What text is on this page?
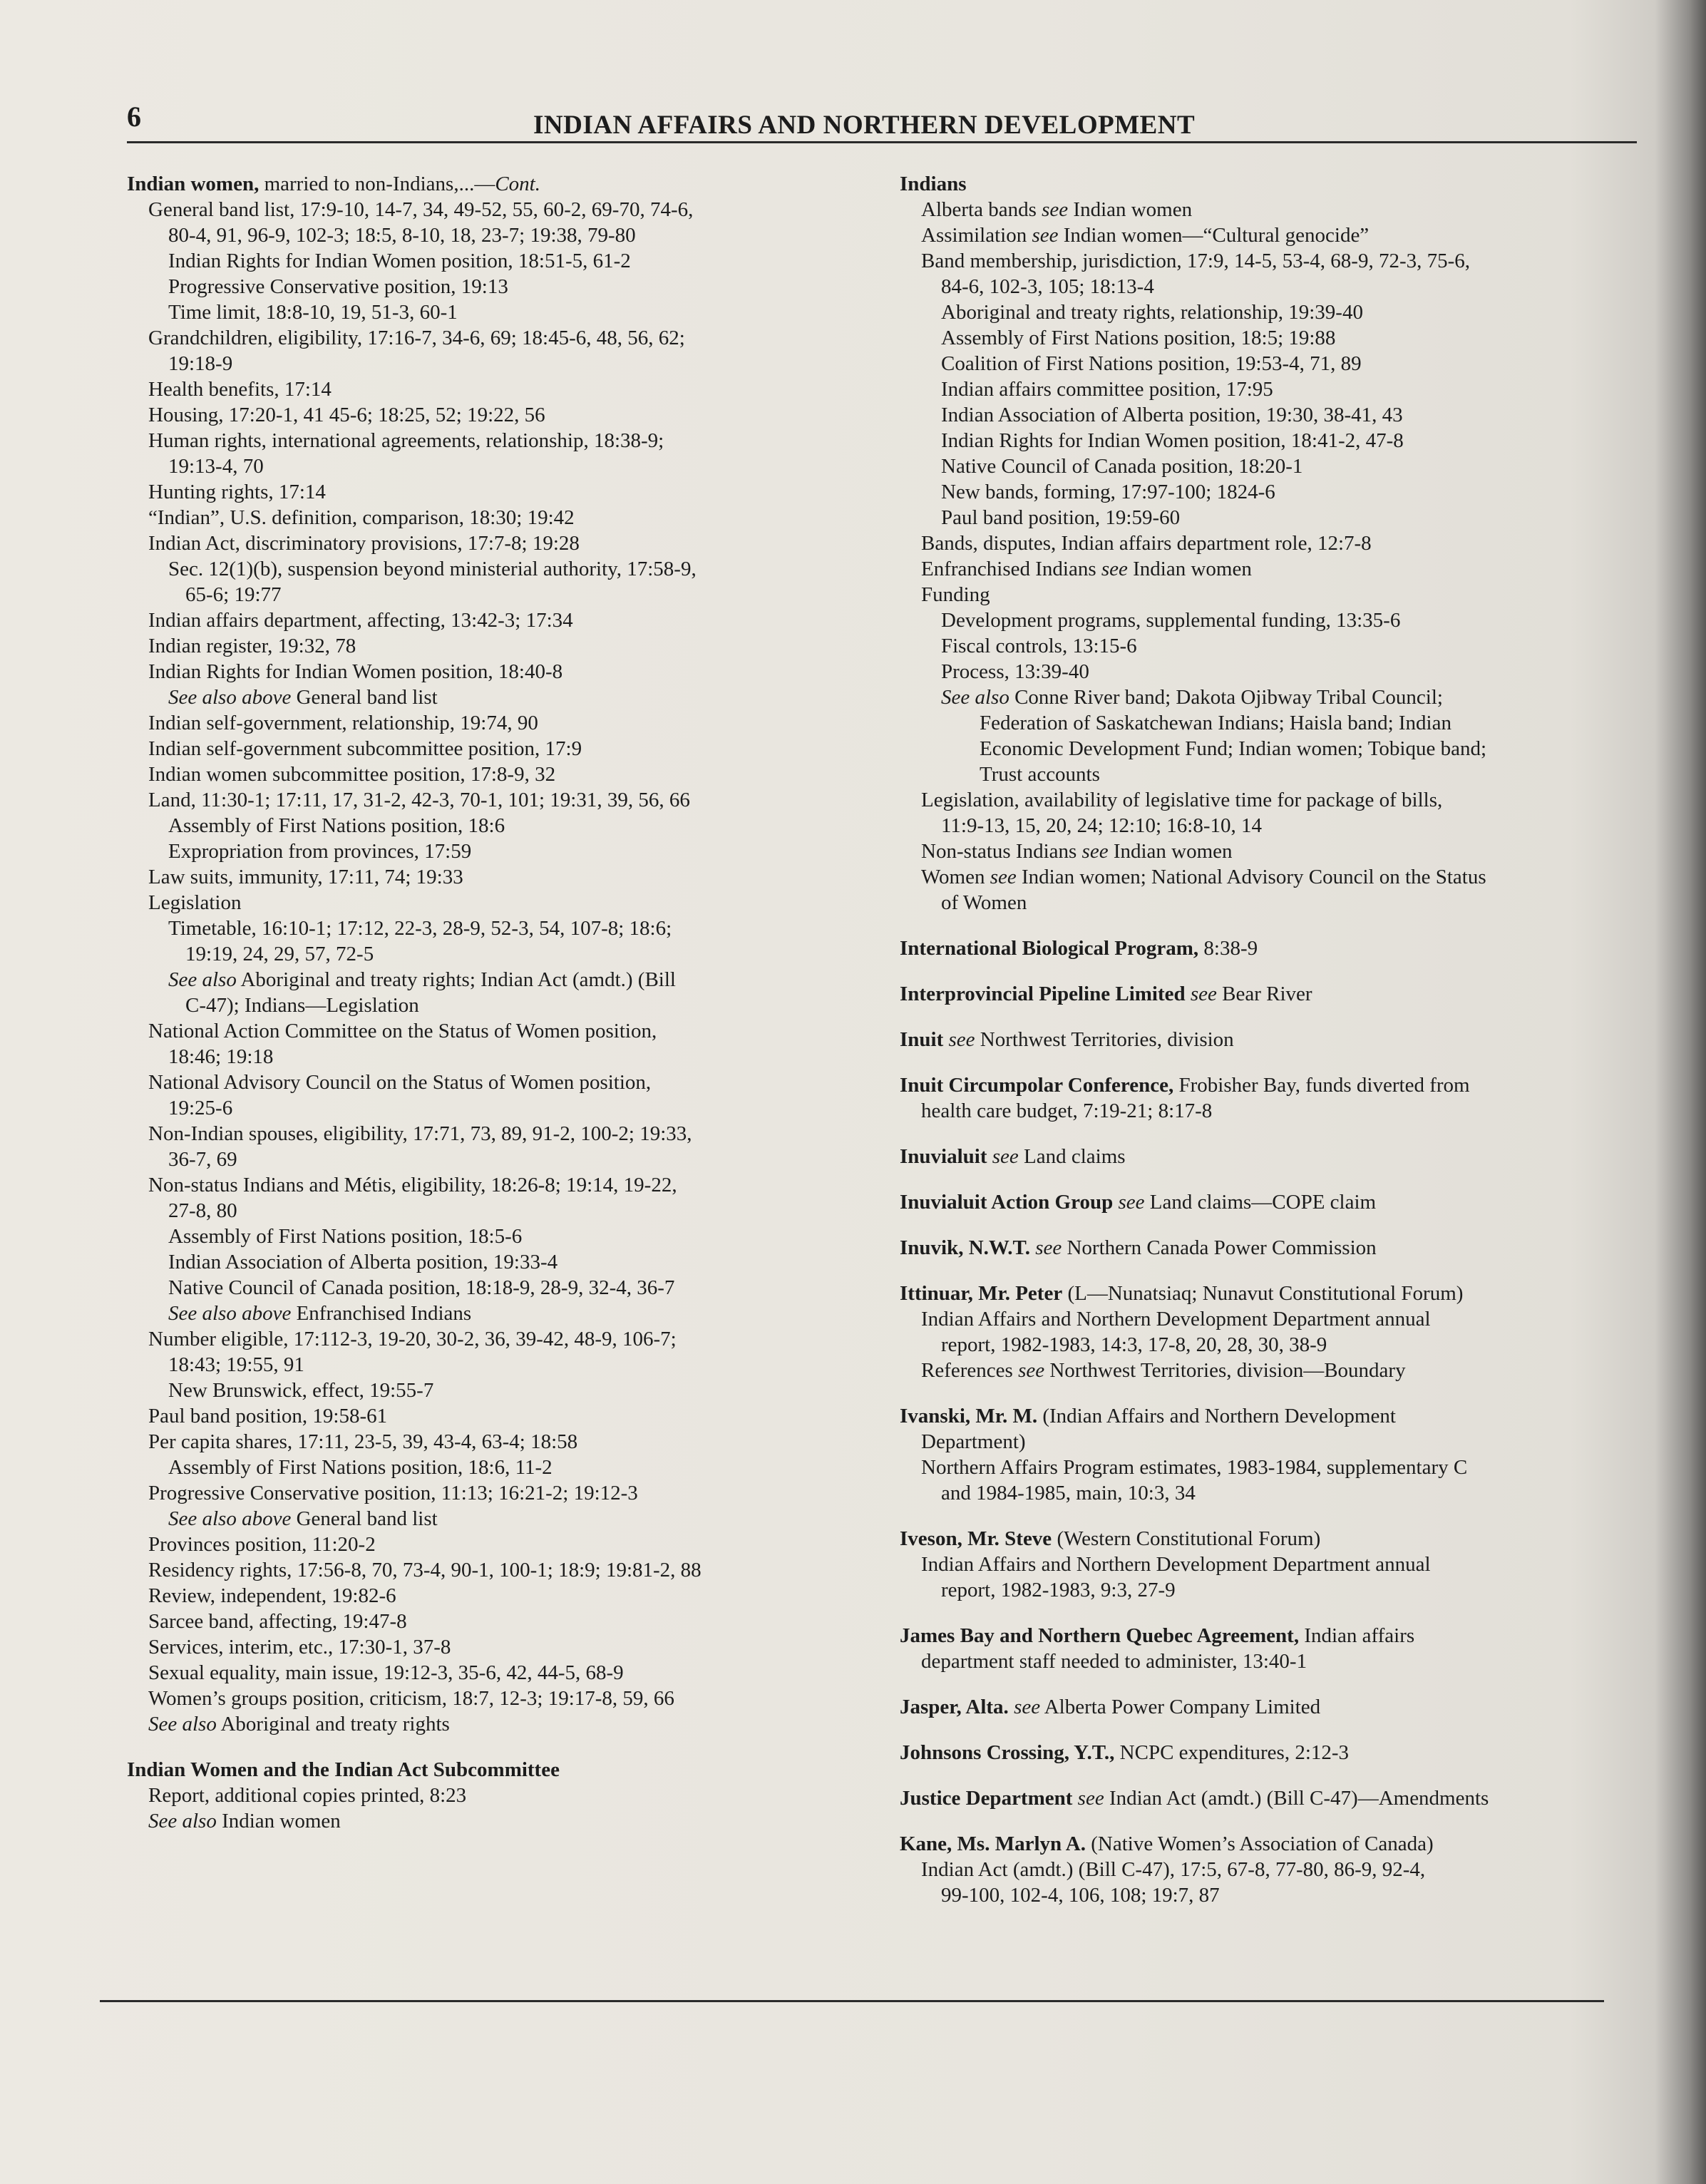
6	INDIAN AFFAIRS AND NORTHERN DEVELOPMENT
Indian women, married to non-Indians,...—Cont.
General band list, 17:9-10, 14-7, 34, 49-52, 55, 60-2, 69-70, 74-6,
80-4, 91, 96-9, 102-3; 18:5, 8-10, 18, 23-7; 19:38, 79-80
Indian Rights for Indian Women position, 18:51-5, 61-2
Progressive Conservative position, 19:13
Time limit, 18:8-10, 19, 51-3, 60-1
Grandchildren, eligibility, 17:16-7, 34-6, 69; 18:45-6, 48, 56, 62;
19:18-9
Health benefits, 17:14
Housing, 17:20-1, 41 45-6; 18:25, 52; 19:22, 56
Human rights, international agreements, relationship, 18:38-9;
19:13-4, 70
Hunting rights, 17:14
“Indian”, U.S. definition, comparison, 18:30; 19:42
Indian Act, discriminatory provisions, 17:7-8; 19:28
Sec. 12(1)(b), suspension beyond ministerial authority, 17:58-9,
65-6; 19:77
Indian affairs department, affecting, 13:42-3; 17:34
Indian register, 19:32, 78
Indian Rights for Indian Women position, 18:40-8
See also above General band list
Indian self-government, relationship, 19:74, 90
Indian self-government subcommittee position, 17:9
Indian women subcommittee position, 17:8-9, 32
Land, 11:30-1; 17:11, 17, 31-2, 42-3, 70-1, 101; 19:31, 39, 56, 66
Assembly of First Nations position, 18:6
Expropriation from provinces, 17:59
Law suits, immunity, 17:11, 74; 19:33
Legislation
Timetable, 16:10-1; 17:12, 22-3, 28-9, 52-3, 54, 107-8; 18:6;
19:19, 24, 29, 57, 72-5
See also Aboriginal and treaty rights; Indian Act (amdt.) (Bill
C-47); Indians—Legislation
National Action Committee on the Status of Women position,
18:46; 19:18
National Advisory Council on the Status of Women position,
19:25-6
Non-Indian spouses, eligibility, 17:71, 73, 89, 91-2, 100-2; 19:33,
36-7, 69
Non-status Indians and Métis, eligibility, 18:26-8; 19:14, 19-22,
27-8, 80
Assembly of First Nations position, 18:5-6
Indian Association of Alberta position, 19:33-4
Native Council of Canada position, 18:18-9, 28-9, 32-4, 36-7
See also above Enfranchised Indians
Number eligible, 17:112-3, 19-20, 30-2, 36, 39-42, 48-9, 106-7;
18:43; 19:55, 91
New Brunswick, effect, 19:55-7
Paul band position, 19:58-61
Per capita shares, 17:11, 23-5, 39, 43-4, 63-4; 18:58
Assembly of First Nations position, 18:6, 11-2
Progressive Conservative position, 11:13; 16:21-2; 19:12-3
See also above General band list
Provinces position, 11:20-2
Residency rights, 17:56-8, 70, 73-4, 90-1, 100-1; 18:9; 19:81-2, 88
Review, independent, 19:82-6
Sarcee band, affecting, 19:47-8
Services, interim, etc., 17:30-1, 37-8
Sexual equality, main issue, 19:12-3, 35-6, 42, 44-5, 68-9
Women’s groups position, criticism, 18:7, 12-3; 19:17-8, 59, 66
See also Aboriginal and treaty rights
Indian Women and the Indian Act Subcommittee
Report, additional copies printed, 8:23
See also Indian women
Indians
Alberta bands see Indian women
Assimilation see Indian women—“Cultural genocide”
Band membership, jurisdiction, 17:9, 14-5, 53-4, 68-9, 72-3, 75-6,
84-6, 102-3, 105; 18:13-4
Aboriginal and treaty rights, relationship, 19:39-40
Assembly of First Nations position, 18:5; 19:88
Coalition of First Nations position, 19:53-4, 71, 89
Indian affairs committee position, 17:95
Indian Association of Alberta position, 19:30, 38-41, 43
Indian Rights for Indian Women position, 18:41-2, 47-8
Native Council of Canada position, 18:20-1
New bands, forming, 17:97-100; 1824-6
Paul band position, 19:59-60
Bands, disputes, Indian affairs department role, 12:7-8
Enfranchised Indians see Indian women
Funding
Development programs, supplemental funding, 13:35-6
Fiscal controls, 13:15-6
Process, 13:39-40
See also Conne River band; Dakota Ojibway Tribal Council;
Federation of Saskatchewan Indians; Haisla band; Indian
Economic Development Fund; Indian women; Tobique band;
Trust accounts
Legislation, availability of legislative time for package of bills,
11:9-13, 15, 20, 24; 12:10; 16:8-10, 14
Non-status Indians see Indian women
Women see Indian women; National Advisory Council on the Status
of Women
International Biological Program, 8:38-9
Interprovincial Pipeline Limited see Bear River
Inuit see Northwest Territories, division
Inuit Circumpolar Conference, Frobisher Bay, funds diverted from
health care budget, 7:19-21; 8:17-8
Inuvialuit see Land claims
Inuvialuit Action Group see Land claims—COPE claim
Inuvik, N.W.T. see Northern Canada Power Commission
Ittinuar, Mr. Peter (L—Nunatsiaq; Nunavut Constitutional Forum)
Indian Affairs and Northern Development Department annual
report, 1982-1983, 14:3, 17-8, 20, 28, 30, 38-9
References see Northwest Territories, division—Boundary
Ivanski, Mr. M. (Indian Affairs and Northern Development
Department)
Northern Affairs Program estimates, 1983-1984, supplementary C
and 1984-1985, main, 10:3, 34
Iveson, Mr. Steve (Western Constitutional Forum)
Indian Affairs and Northern Development Department annual
report, 1982-1983, 9:3, 27-9
James Bay and Northern Quebec Agreement, Indian affairs
department staff needed to administer, 13:40-1
Jasper, Alta. see Alberta Power Company Limited
Johnsons Crossing, Y.T., NCPC expenditures, 2:12-3
Justice Department see Indian Act (amdt.) (Bill C-47)—Amendments
Kane, Ms. Marlyn A. (Native Women’s Association of Canada)
Indian Act (amdt.) (Bill C-47), 17:5, 67-8, 77-80, 86-9, 92-4,
99-100, 102-4, 106, 108; 19:7, 87
